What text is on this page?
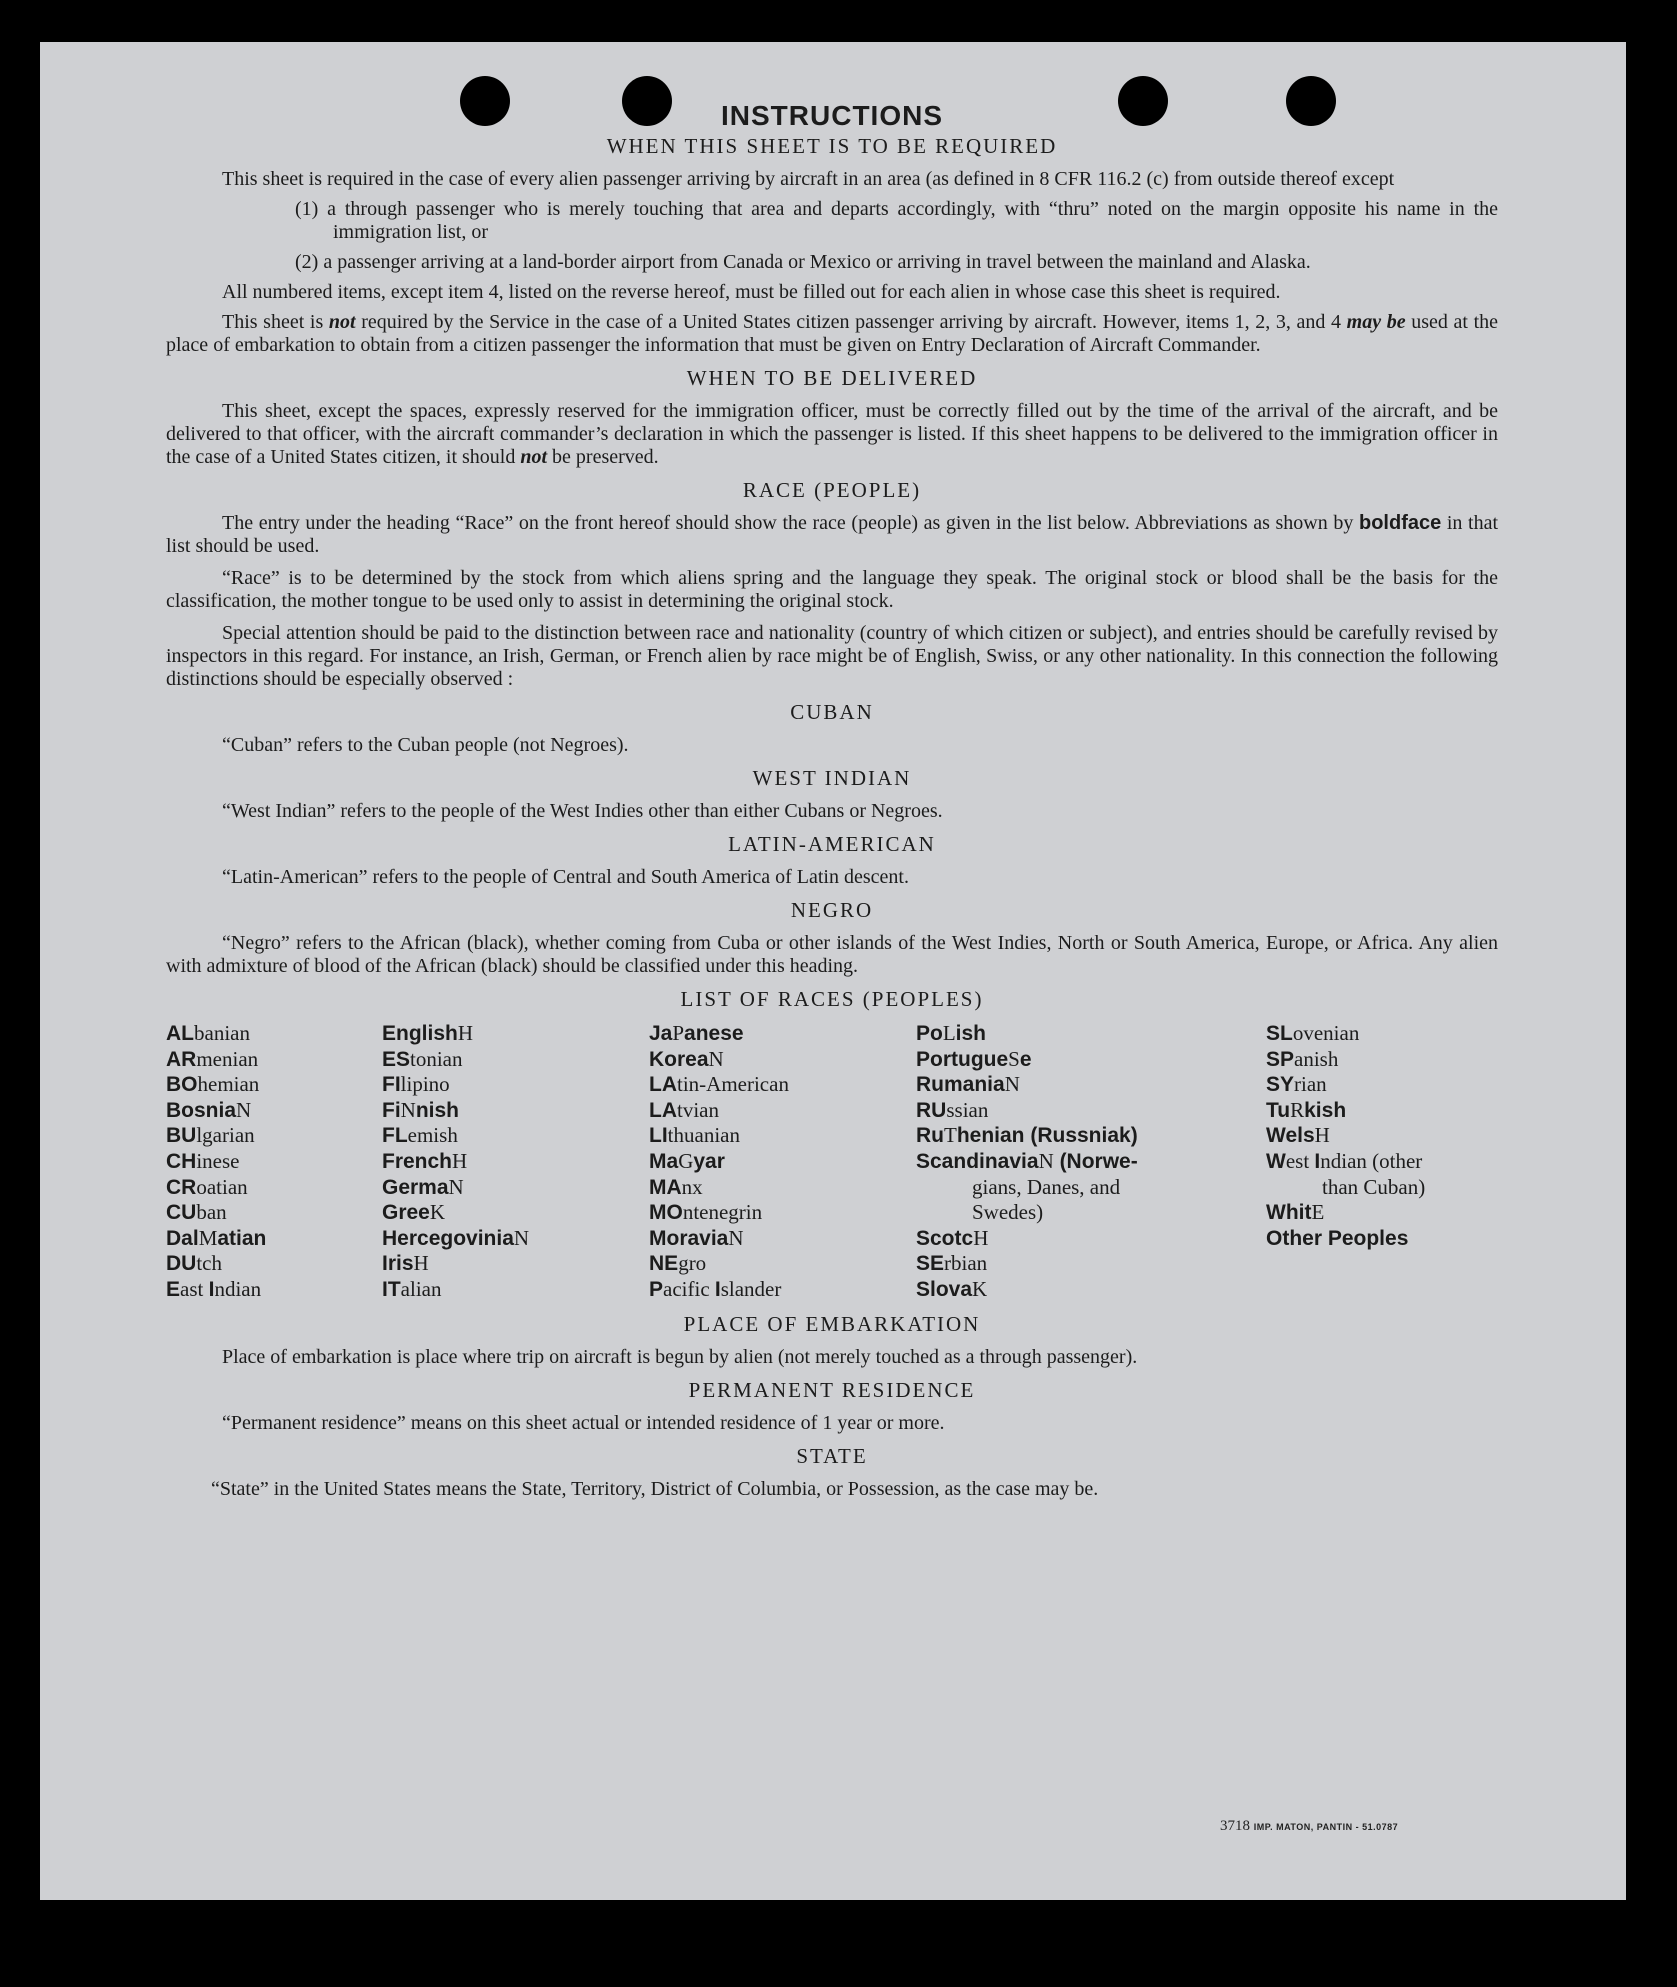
INSTRUCTIONS
WHEN THIS SHEET IS TO BE REQUIRED

This sheet is required in the case of every alien passenger arriving by aircraft in an area (as defined in 8 CFR 116.2 (c) from outside thereof except

(1) a through passenger who is merely touching that area and departs accordingly, with “thru” noted on the margin opposite his name in the immigration list, or

(2) a passenger arriving at a land-border airport from Canada or Mexico or arriving in travel between the mainland and Alaska.

All numbered items, except item 4, listed on the reverse hereof, must be filled out for each alien in whose case this sheet is required.

This sheet is not required by the Service in the case of a United States citizen passenger arriving by aircraft. However, items 1, 2, 3, and 4 may be used at the place of embarkation to obtain from a citizen passenger the information that must be given on Entry Declaration of Aircraft Commander.

WHEN TO BE DELIVERED

This sheet, except the spaces, expressly reserved for the immigration officer, must be correctly filled out by the time of the arrival of the aircraft, and be delivered to that officer, with the aircraft commander’s declaration in which the passenger is listed. If this sheet happens to be delivered to the immigration officer in the case of a United States citizen, it should not be preserved.

RACE (PEOPLE)

The entry under the heading “Race” on the front hereof should show the race (people) as given in the list below. Abbreviations as shown by boldface in that list should be used.

“Race” is to be determined by the stock from which aliens spring and the language they speak. The original stock or blood shall be the basis for the classification, the mother tongue to be used only to assist in determining the original stock.

Special attention should be paid to the distinction between race and nationality (country of which citizen or subject), and entries should be carefully revised by inspectors in this regard. For instance, an Irish, German, or French alien by race might be of English, Swiss, or any other nationality. In this connection the following distinctions should be especially observed :

CUBAN

“Cuban” refers to the Cuban people (not Negroes).

WEST INDIAN

“West Indian” refers to the people of the West Indies other than either Cubans or Negroes.

LATIN-AMERICAN

“Latin-American” refers to the people of Central and South America of Latin descent.

NEGRO

“Negro” refers to the African (black), whether coming from Cuba or other islands of the West Indies, North or South America, Europe, or Africa. Any alien with admixture of blood of the African (black) should be classified under this heading.

LIST OF RACES (PEOPLES)
ALbanian
ARmenian
BOhemian
BosniaN
BUlgarian
CHinese
CRoatian
CUban
DalMatian
DUtch
East Indian
EnglishH
EStonian
FIlipino
FiNnish
FLemish
FrenchH
GermaN
GreeK
HercegoviniaN
IrisH
ITalian
JaPanese
KoreaN
LAtin-American
LAtvian
LIthuanian
MaGyar
MAnx
MOntenegrin
MoraviaN
NEgro
Pacific Islander
PoLish
PortugueSe
RumaniaN
RUssian
RuThenian (Russniak)
ScandinaviaN (Norwe-
gians, Danes, and
Swedes)
ScotcH
SErbian
SlovaK
SLovenian
SPanish
SYrian
TuRkish
WelsH
West Indian (other
than Cuban)
WhitE
Other Peoples
PLACE OF EMBARKATION

Place of embarkation is place where trip on aircraft is begun by alien (not merely touched as a through passenger).

PERMANENT RESIDENCE

“Permanent residence” means on this sheet actual or intended residence of 1 year or more.

STATE

“State” in the United States means the State, Territory, District of Columbia, or Possession, as the case may be.

3718 IMP. MATON, PANTIN - 51.0787
